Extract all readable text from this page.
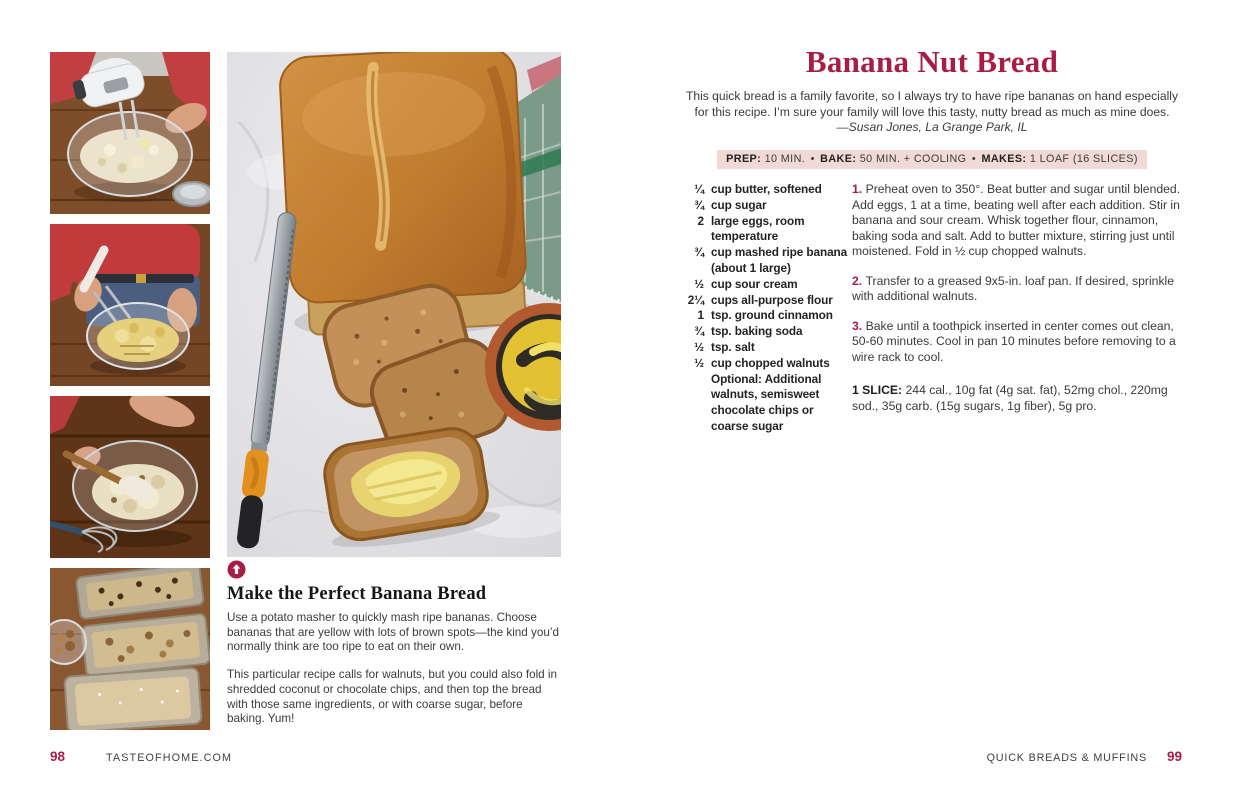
Make the Perfect Banana Bread

Use a potato masher to quickly mash ripe bananas. Choose bananas that are yellow with lots of brown spots—the kind you’d normally think are too ripe to eat on their own.

This particular recipe calls for walnuts, but you could also fold in shredded coconut or chocolate chips, and then top the bread with those same ingredients, or with coarse sugar, before baking. Yum!

98	TASTEOFHOME.COM
Banana Nut Bread

This quick bread is a family favorite, so I always try to have ripe bananas on hand especially for this recipe. I’m sure your family will love this tasty, nutty bread as much as mine does.

—Susan Jones, La Grange Park, IL

PREP: 10 MIN. • BAKE: 50 MIN. + COOLING • MAKES: 1 LOAF (16 SLICES)
¼ cup butter, softened
¾ cup sugar
2 large eggs, room temperature
¾ cup mashed ripe banana (about 1 large)
½ cup sour cream
2¼ cups all-purpose flour
1 tsp. ground cinnamon
¾ tsp. baking soda
½ tsp. salt
½ cup chopped walnuts
Optional: Additional walnuts, semisweet chocolate chips or coarse sugar

1. Preheat oven to 350°. Beat butter and sugar until blended. Add eggs, 1 at a time, beating well after each addition. Stir in banana and sour cream. Whisk together flour, cinnamon, baking soda and salt. Add to butter mixture, stirring just until moistened. Fold in ½ cup chopped walnuts.

2. Transfer to a greased 9x5-in. loaf pan. If desired, sprinkle with additional walnuts.

3. Bake until a toothpick inserted in center comes out clean, 50-60 minutes. Cool in pan 10 minutes before removing to a wire rack to cool.

1 SLICE: 244 cal., 10g fat (4g sat. fat), 52mg chol., 220mg sod., 35g carb. (15g sugars, 1g fiber), 5g pro.

QUICK BREADS & MUFFINS 99
